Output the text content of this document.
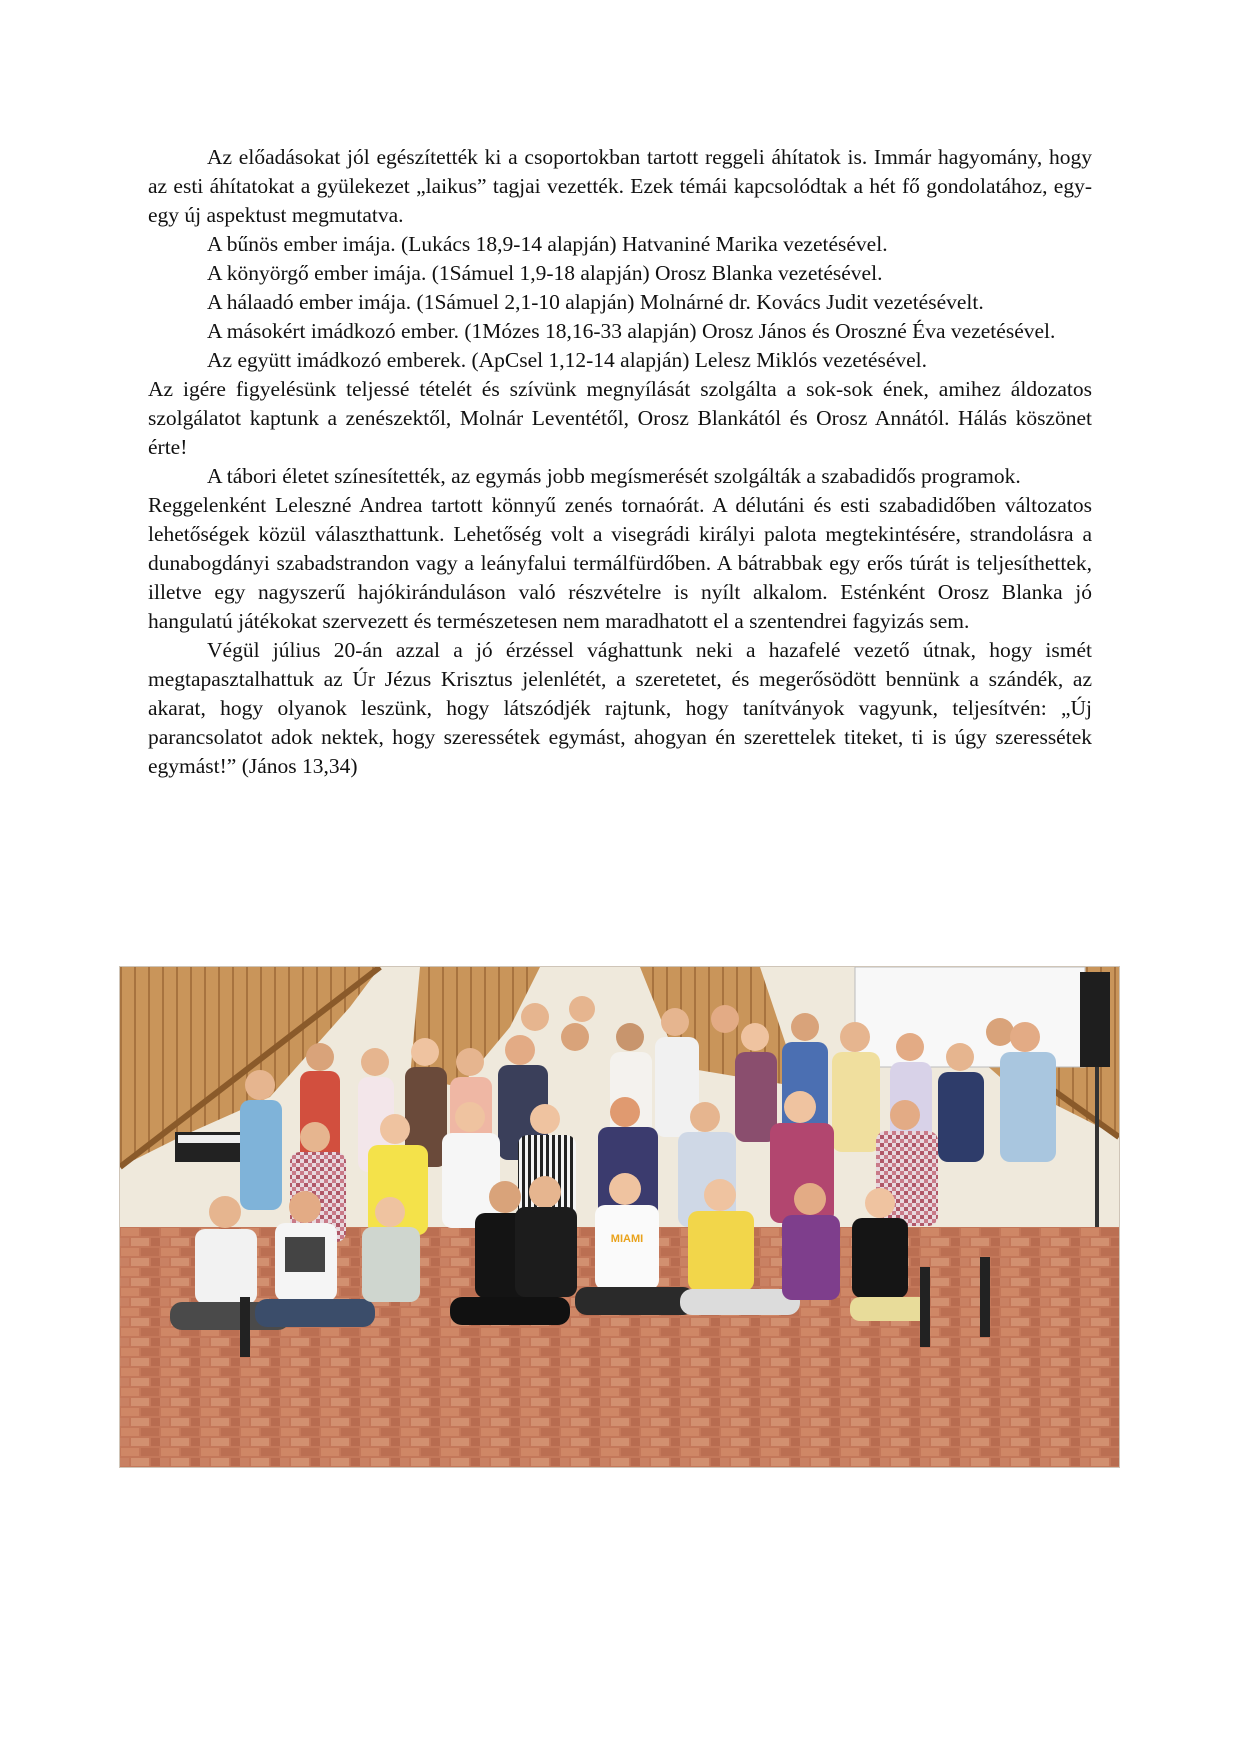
Az előadásokat jól egészítették ki a csoportokban tartott reggeli áhítatok is. Immár hagyomány, hogy az esti áhítatokat a gyülekezet „laikus” tagjai vezették. Ezek témái kapcsolódtak a hét fő gondolatához, egy-egy új aspektust megmutatva.

A bűnös ember imája. (Lukács 18,9-14 alapján) Hatvaniné Marika vezetésével.

A könyörgő ember imája. (1Sámuel 1,9-18 alapján) Orosz Blanka vezetésével.

A hálaadó ember imája. (1Sámuel 2,1-10 alapján) Molnárné dr. Kovács Judit vezetésévelt.

A másokért imádkozó ember. (1Mózes 18,16-33 alapján) Orosz János és Oroszné Éva vezetésével.

Az együtt imádkozó emberek. (ApCsel 1,12-14 alapján) Lelesz Miklós vezetésével.

Az igére figyelésünk teljessé tételét és szívünk megnyílását szolgálta a sok-sok ének, amihez áldozatos szolgálatot kaptunk a zenészektől, Molnár Leventétől, Orosz Blankától és Orosz Annától. Hálás köszönet érte!

A tábori életet színesítették, az egymás jobb megísmerését szolgálták a szabadidős programok.

Reggelenként Leleszné Andrea tartott könnyű zenés tornaórát. A délutáni és esti szabadidőben változatos lehetőségek közül választhattunk. Lehetőség volt a visegrádi királyi palota megtekintésére, strandolásra a dunabogdányi szabadstrandon vagy a leányfalui termálfürdőben. A bátrabbak egy erős túrát is teljesíthettek, illetve egy nagyszerű hajókiránduláson való részvételre is nyílt alkalom. Esténként Orosz Blanka jó hangulatú játékokat szervezett és természetesen nem maradhatott el a szentendrei fagyizás sem.

Végül július 20-án azzal a jó érzéssel vághattunk neki a hazafelé vezető útnak, hogy ismét megtapasztalhattuk az Úr Jézus Krisztus jelenlétét, a szeretetet, és megerősödött bennünk a szándék, az akarat, hogy olyanok leszünk, hogy látszódjék rajtunk, hogy tanítványok vagyunk, teljesítvén: „Új parancsolatot adok nektek, hogy szeressétek egymást, ahogyan én szerettelek titeket, ti is úgy szeressétek egymást!” (János 13,34)

MIAMI
